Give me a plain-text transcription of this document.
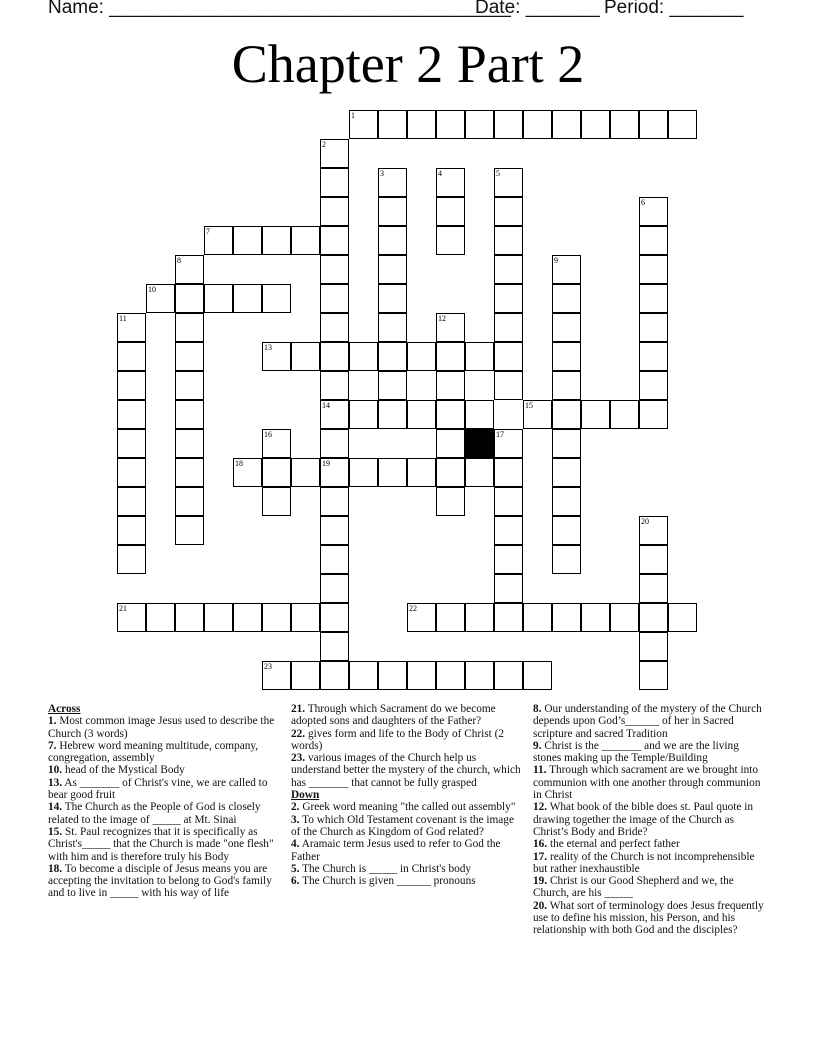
Name: ______________________________________
Date: _______ Period: _______
Chapter 2 Part 2
1
7
10
13
14	15
18	19
21	22
23
2
3	4	5
6
8	9
11	12
16	17
20

Across

1. Most common image Jesus used to describe the Church (3 words)

7. Hebrew word meaning multitude, company, congregation, assembly

10. head of the Mystical Body

13. As _______ of Christ's vine, we are called to bear good fruit

14. The Church as the People of God is closely related to the image of _____ at Mt. Sinai

15. St. Paul recognizes that it is specifically as Christ's_____ that the Church is made "one flesh" with him and is therefore truly his Body

18. To become a disciple of Jesus means you are accepting the invitation to belong to God's family and to live in _____ with his way of life

21. Through which Sacrament do we become adopted sons and daughters of the Father?

22. gives form and life to the Body of Christ (2 words)

23. various images of the Church help us understand better the mystery of the church, which has _______ that cannot be fully grasped

Down

2. Greek word meaning "the called out assembly"

3. To which Old Testament covenant is the image of the Church as Kingdom of God related?

4. Aramaic term Jesus used to refer to God the Father

5. The Church is _____ in Christ's body

6. The Church is given ______ pronouns

8. Our understanding of the mystery of the Church depends upon God’s______ of her in Sacred scripture and sacred Tradition

9. Christ is the _______ and we are the living stones making up the Temple/Building

11. Through which sacrament are we brought into communion with one another through communion in Christ

12. What book of the bible does st. Paul quote in drawing together the image of the Church as Christ’s Body and Bride?

16. the eternal and perfect father

17. reality of the Church is not incomprehensible but rather inexhaustible

19. Christ is our Good Shepherd and we, the Church, are his _____

20. What sort of terminology does Jesus frequently use to define his mission, his Person, and his relationship with both God and the disciples?
